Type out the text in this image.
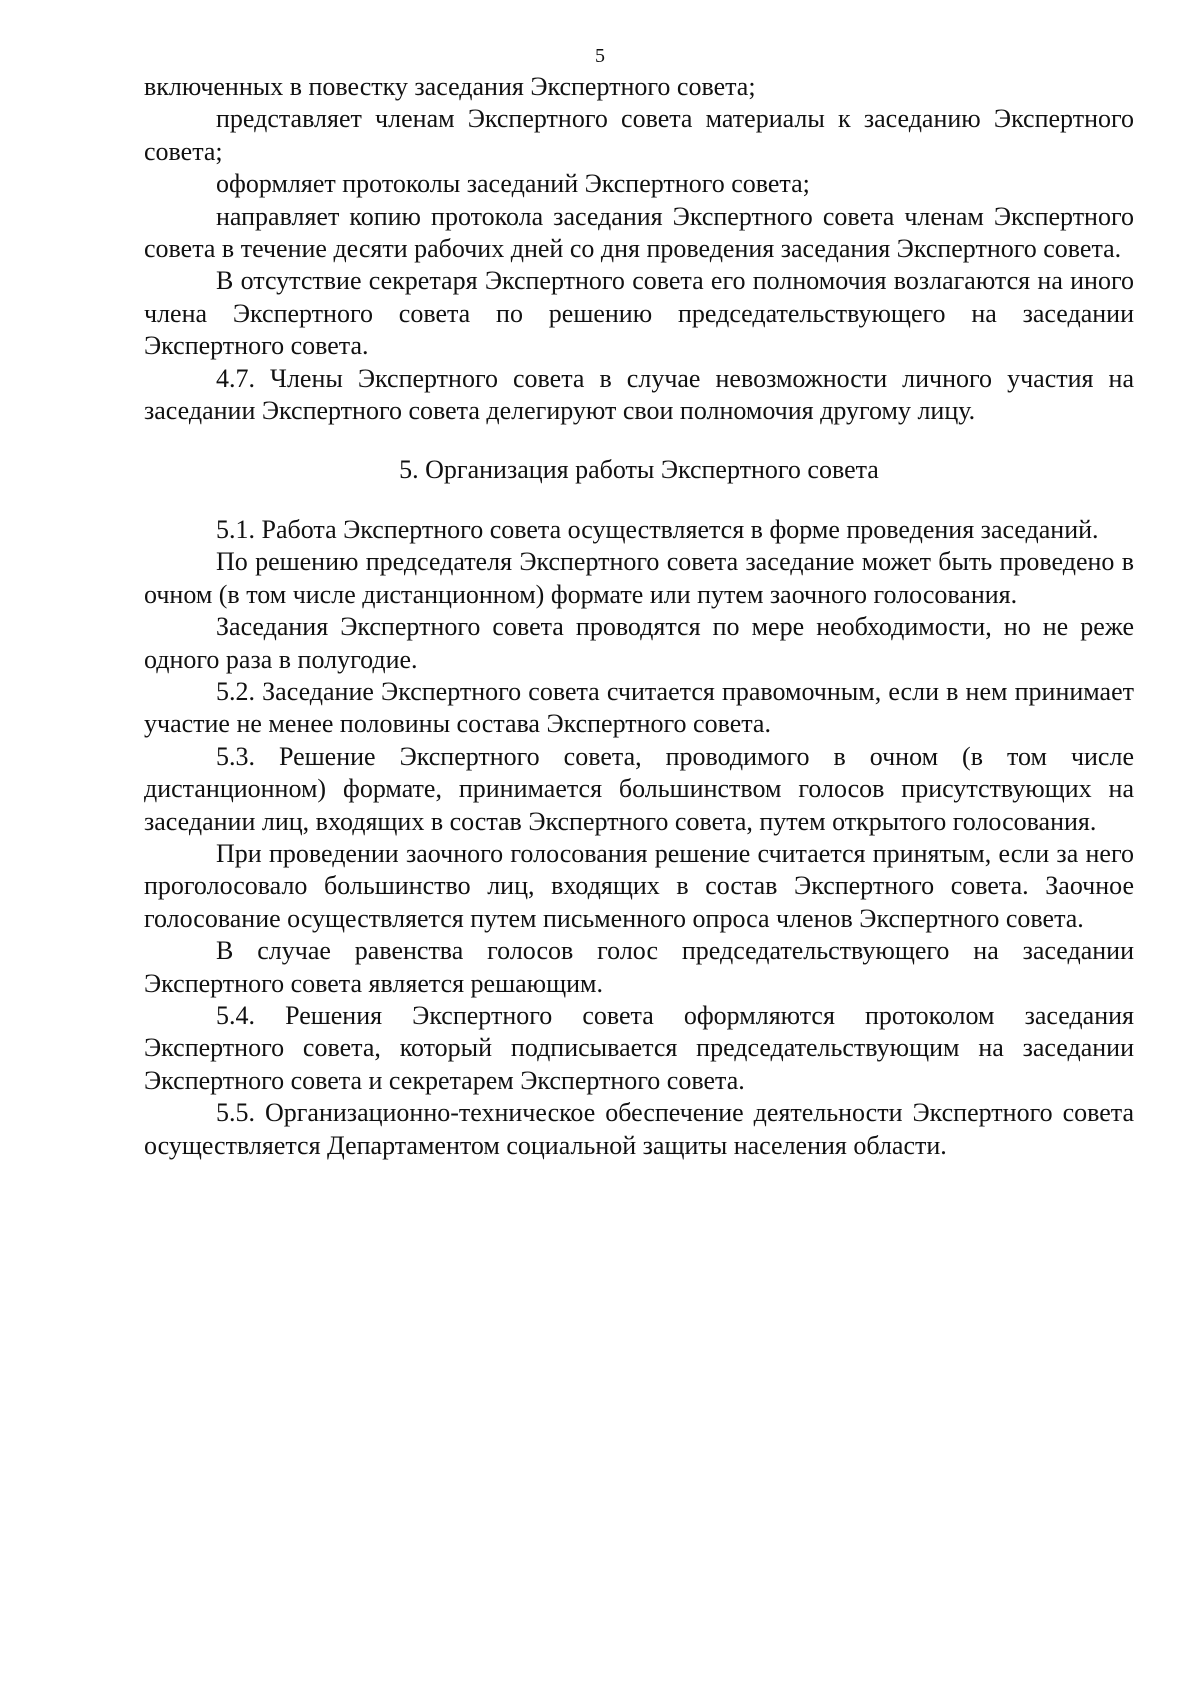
5

включенных в повестку заседания Экспертного совета;

представляет членам Экспертного совета материалы к заседанию Экспертного совета;

оформляет протоколы заседаний Экспертного совета;

направляет копию протокола заседания Экспертного совета членам Экспертного совета в течение десяти рабочих дней со дня проведения заседания Экспертного совета.

В отсутствие секретаря Экспертного совета его полномочия возлагаются на иного члена Экспертного совета по решению председательствующего на заседании Экспертного совета.

4.7. Члены Экспертного совета в случае невозможности личного участия на заседании Экспертного совета делегируют свои полномочия другому лицу.

5. Организация работы Экспертного совета

5.1. Работа Экспертного совета осуществляется в форме проведения заседаний.

По решению председателя Экспертного совета заседание может быть проведено в очном (в том числе дистанционном) формате или путем заочного голосования.

Заседания Экспертного совета проводятся по мере необходимости, но не реже одного раза в полугодие.

5.2. Заседание Экспертного совета считается правомочным, если в нем принимает участие не менее половины состава Экспертного совета.

5.3. Решение Экспертного совета, проводимого в очном (в том числе дистанционном) формате, принимается большинством голосов присутствующих на заседании лиц, входящих в состав Экспертного совета, путем открытого голосования.

При проведении заочного голосования решение считается принятым, если за него проголосовало большинство лиц, входящих в состав Экспертного совета. Заочное голосование осуществляется путем письменного опроса членов Экспертного совета.

В случае равенства голосов голос председательствующего на заседании Экспертного совета является решающим.

5.4. Решения Экспертного совета оформляются протоколом заседания Экспертного совета, который подписывается председательствующим на заседании Экспертного совета и секретарем Экспертного совета.

5.5. Организационно-техническое обеспечение деятельности Экспертного совета осуществляется Департаментом социальной защиты населения области.
